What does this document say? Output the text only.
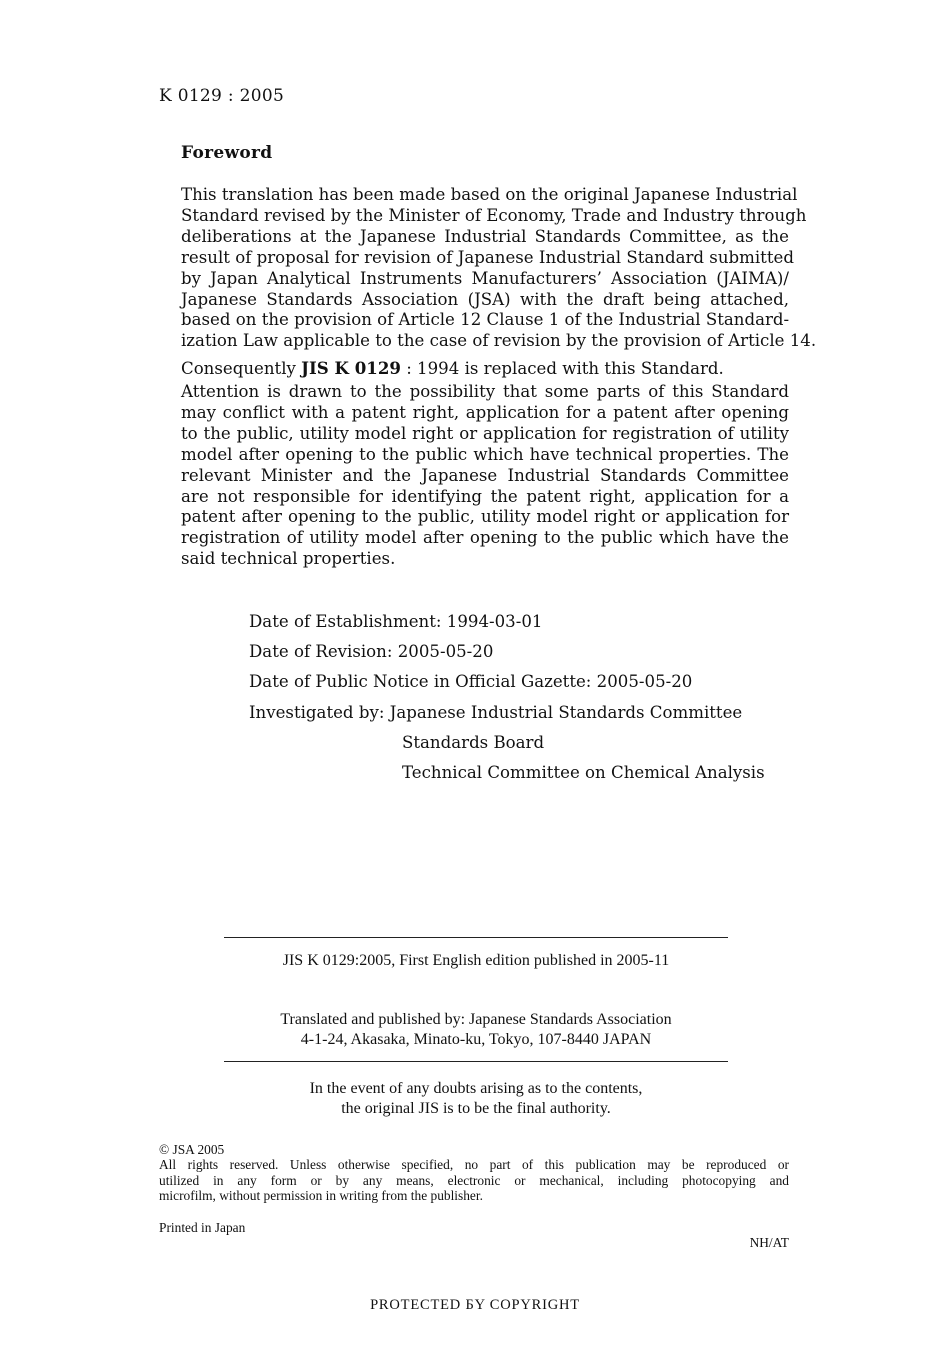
K 0129 : 2005
Foreword
This translation has been made based on the original Japanese Industrial
Standard revised by the Minister of Economy, Trade and Industry through
deliberations at the Japanese Industrial Standards Committee, as the
result of proposal for revision of Japanese Industrial Standard submitted
by Japan Analytical Instruments Manufacturers’ Association (JAIMA)/
Japanese Standards Association (JSA) with the draft being attached,
based on the provision of Article 12 Clause 1 of the Industrial Standard-
ization Law applicable to the case of revision by the provision of Article 14.
Consequently JIS K 0129 : 1994 is replaced with this Standard.
Attention is drawn to the possibility that some parts of this Standard
may conflict with a patent right, application for a patent after opening
to the public, utility model right or application for registration of utility
model after opening to the public which have technical properties. The
relevant Minister and the Japanese Industrial Standards Committee
are not responsible for identifying the patent right, application for a
patent after opening to the public, utility model right or application for
registration of utility model after opening to the public which have the
said technical properties.
Date of Establishment: 1994-03-01
Date of Revision: 2005-05-20
Date of Public Notice in Official Gazette: 2005-05-20
Investigated by: Japanese Industrial Standards Committee
Standards Board
Technical Committee on Chemical Analysis
JIS K 0129:2005, First English edition published in 2005-11
Translated and published by: Japanese Standards Association
4-1-24, Akasaka, Minato-ku, Tokyo, 107-8440 JAPAN
In the event of any doubts arising as to the contents,
the original JIS is to be the final authority.
© JSA 2005
All rights reserved. Unless otherwise specified, no part of this publication may be reproduced or
utilized in any form or by any means, electronic or mechanical, including photocopying and
microfilm, without permission in writing from the publisher.
Printed in Japan
NH/AT
PROTECTED БY COPYRIGHT
